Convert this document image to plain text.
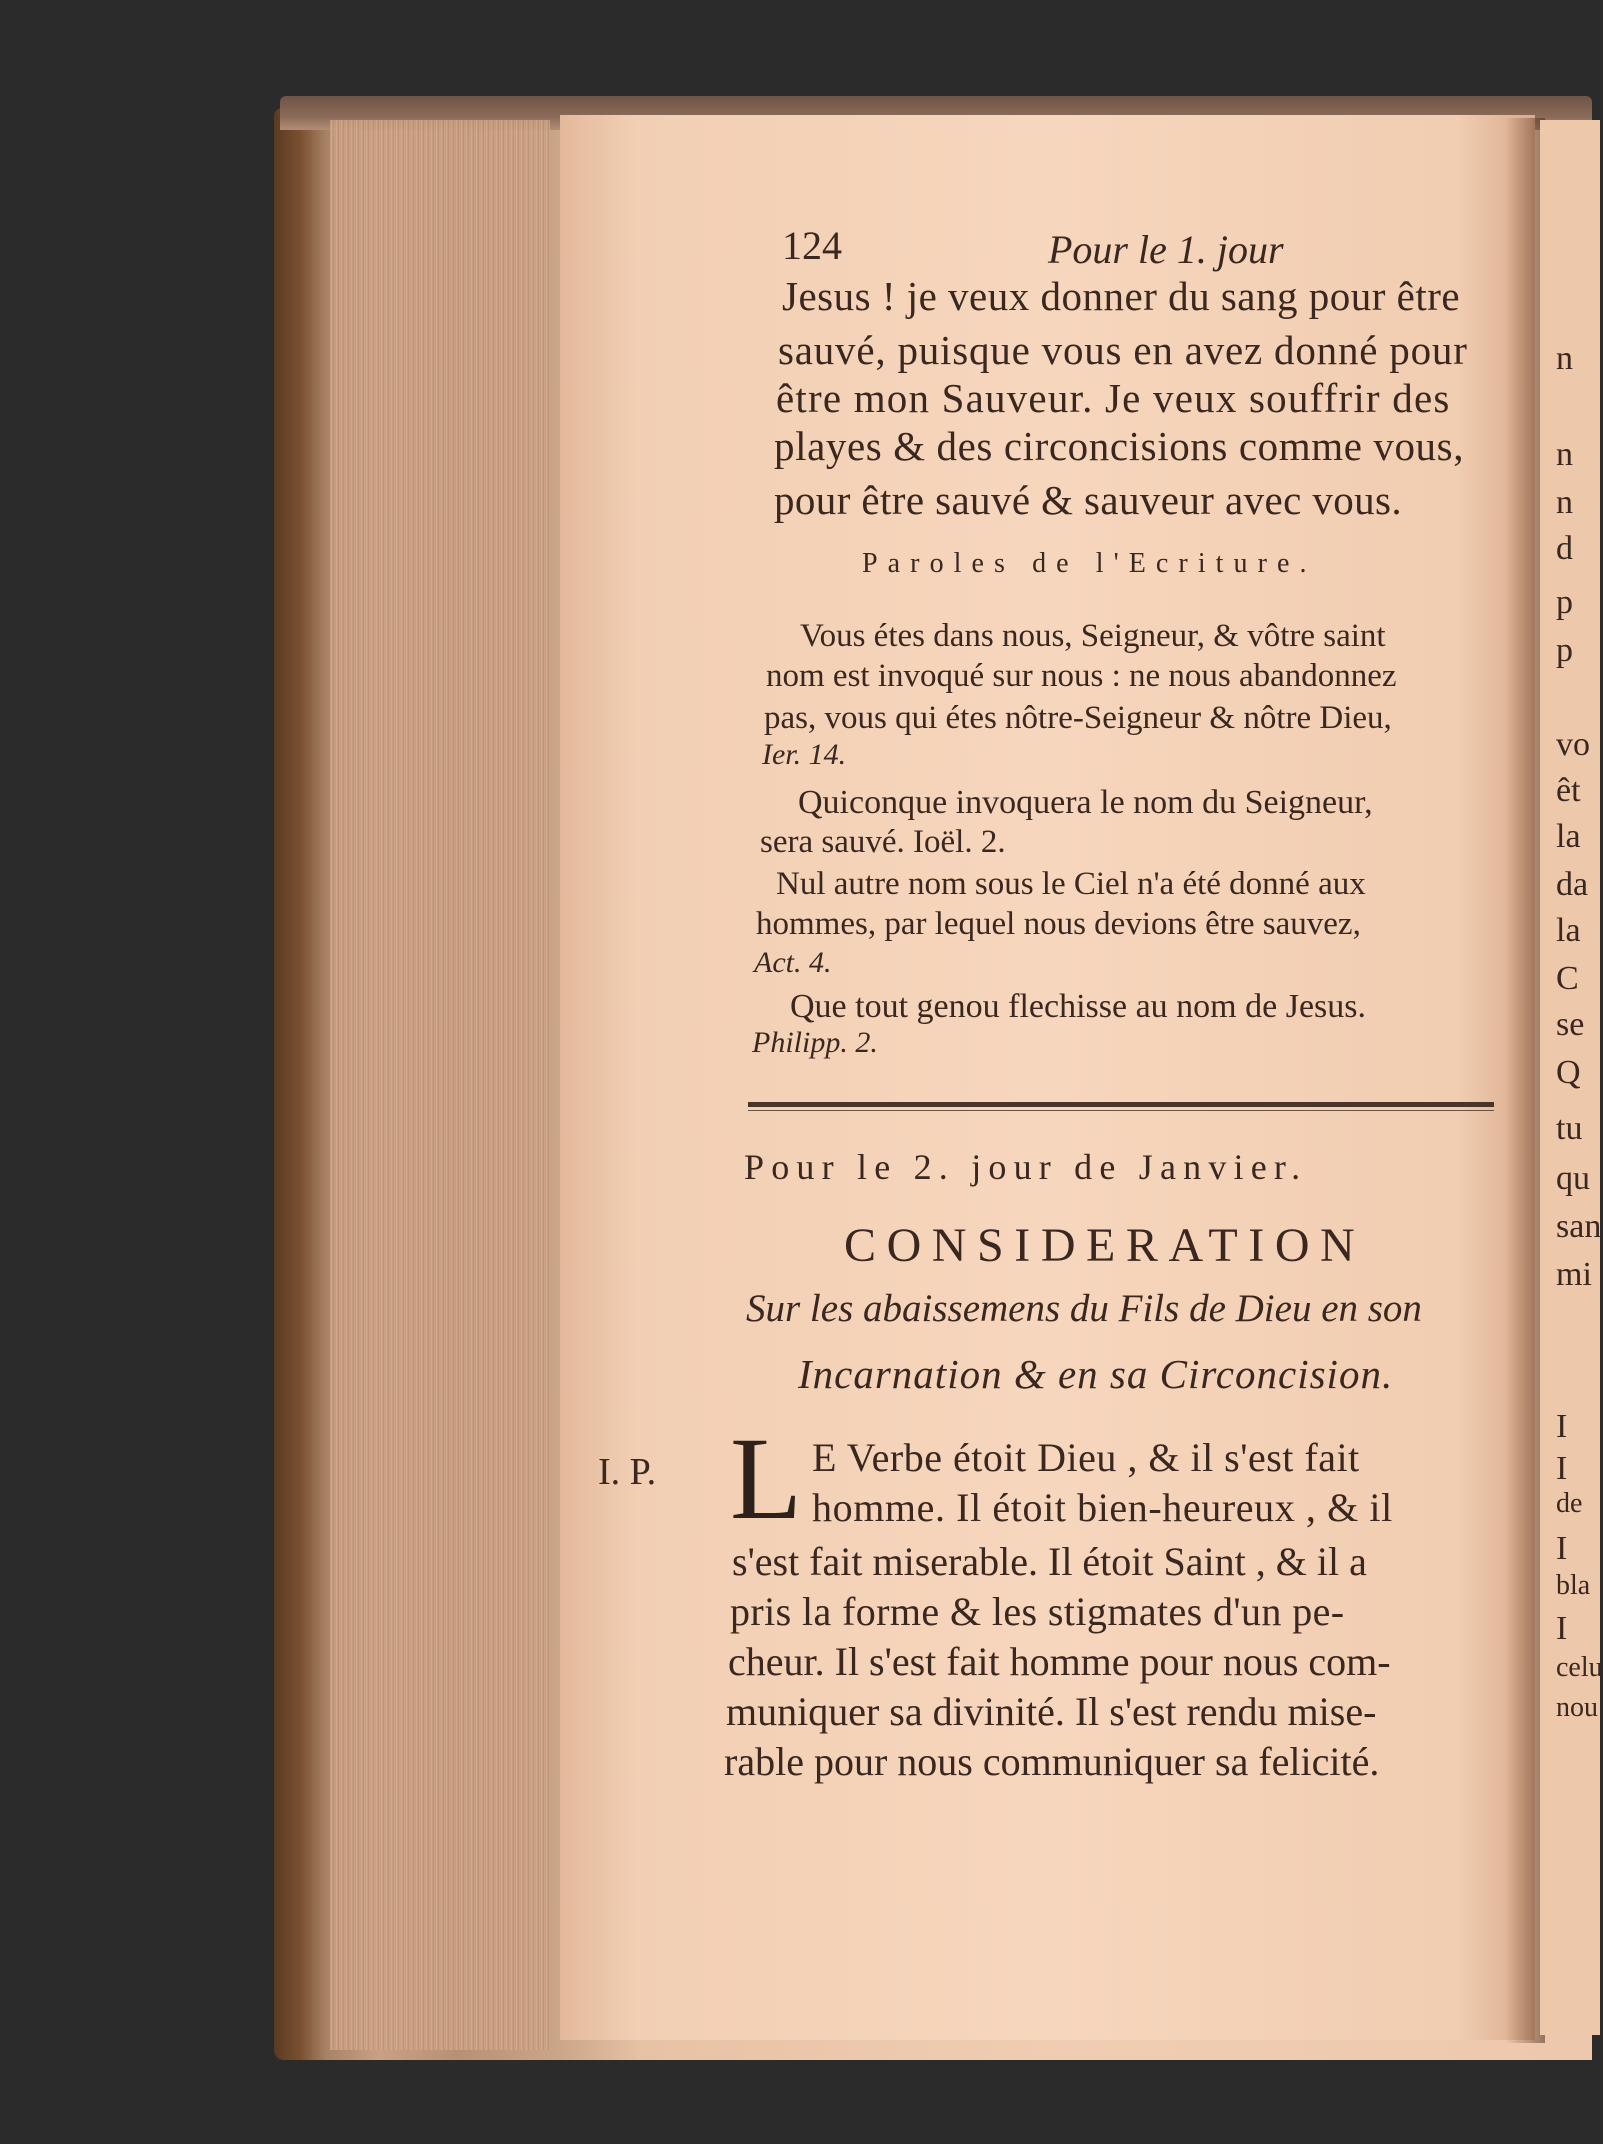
124	Pour le 1. jour
Jesus ! je veux donner du sang pour être
sauvé, puisque vous en avez donné pour
être mon Sauveur. Je veux souffrir des
playes & des circoncisions comme vous,
pour être sauvé & sauveur avec vous.
Paroles de l'Ecriture.
Vous étes dans nous, Seigneur, & vôtre saint
nom est invoqué sur nous : ne nous abandonnez
pas, vous qui étes nôtre-Seigneur & nôtre Dieu,
Ier. 14.
Quiconque invoquera le nom du Seigneur,
sera sauvé. Ioël. 2.
Nul autre nom sous le Ciel n'a été donné aux
hommes, par lequel nous devions être sauvez,
Act. 4.
Que tout genou flechisse au nom de Jesus.
Philipp. 2.
Pour le 2. jour de Janvier.
CONSIDERATION
Sur les abaissemens du Fils de Dieu en son
Incarnation & en sa Circoncision.
I. P. L E Verbe étoit Dieu , & il s'est fait
homme. Il étoit bien-heureux , & il
s'est fait miserable. Il étoit Saint , & il a
pris la forme & les stigmates d'un pe-
cheur. Il s'est fait homme pour nous com-
muniquer sa divinité. Il s'est rendu mise-
rable pour nous communiquer sa felicité.
n
n
n
d
p
p
vo
êt
la
da
la
C
se
Q
tu
qu
san
mi
I
I
de
I
bla
I
celu
nou
